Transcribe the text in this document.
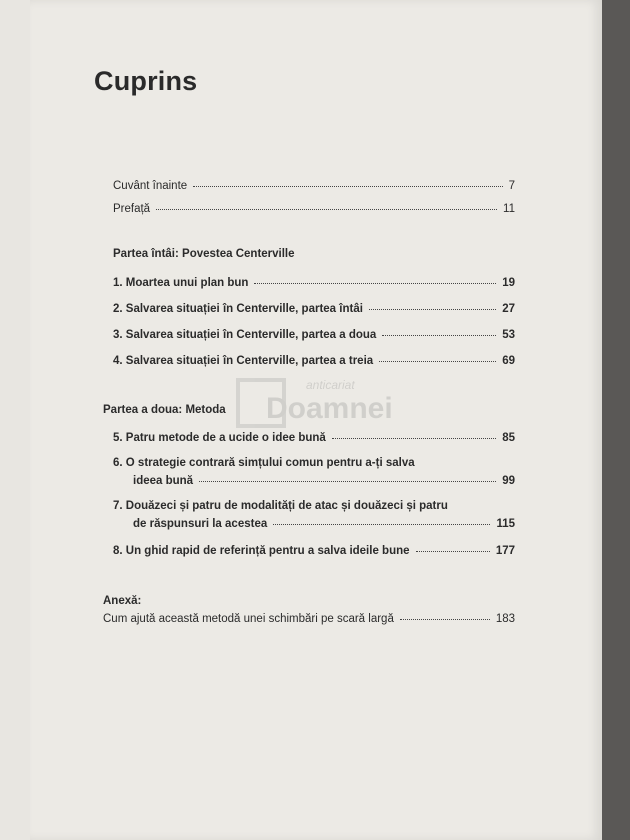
Cuprins
Cuvânt înainte	7
Prefață	11
Partea întâi: Povestea Centerville
1. Moartea unui plan bun	19
2. Salvarea situației în Centerville, partea întâi	27
3. Salvarea situației în Centerville, partea a doua	53
4. Salvarea situației în Centerville, partea a treia	69
anticariat
Doamnei
Partea a doua: Metoda
5. Patru metode de a ucide o idee bună	85
6. O strategie contrară simțului comun pentru a-ți salva
ideea bună	99
7. Douăzeci și patru de modalități de atac și douăzeci și patru
de răspunsuri la acestea	115
8. Un ghid rapid de referință pentru a salva ideile bune	177
Anexă:
Cum ajută această metodă unei schimbări pe scară largă	183
